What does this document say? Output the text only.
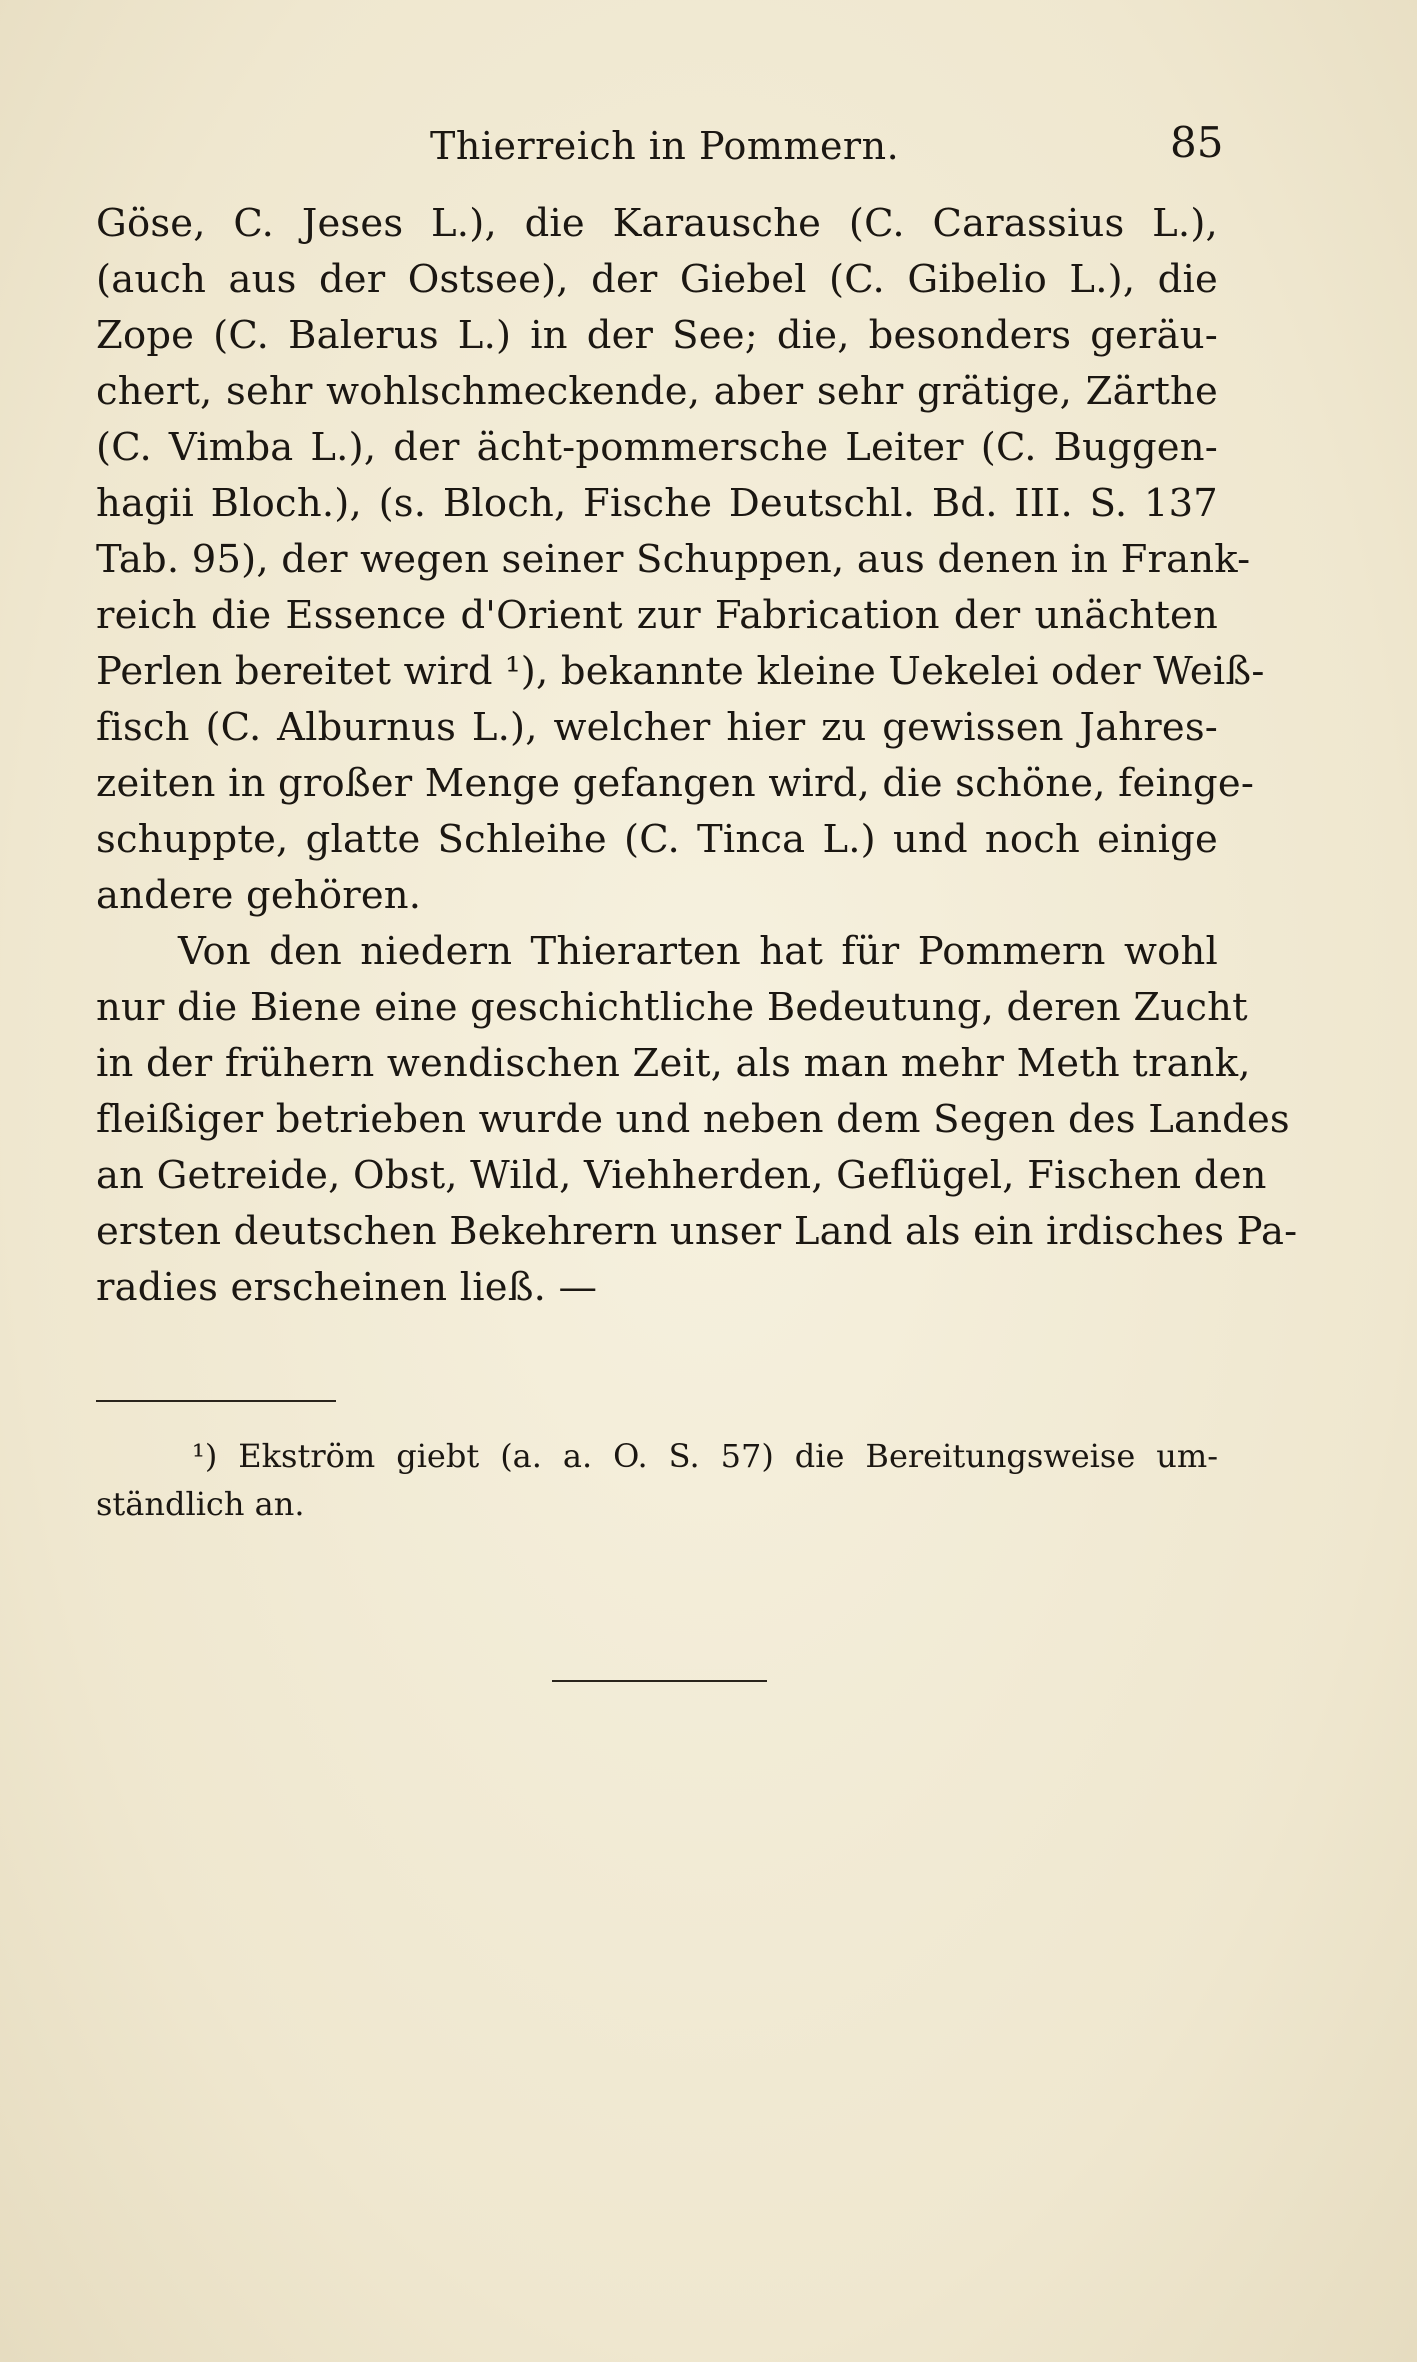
Thierreich in Pommern.	85
Göse, C. Jeses L.), die Karausche (C. Carassius L.),
(auch aus der Ostsee), der Giebel (C. Gibelio L.), die
Zope (C. Balerus L.) in der See; die, besonders geräu-
chert, sehr wohlschmeckende, aber sehr grätige, Zärthe
(C. Vimba L.), der ächt-pommersche Leiter (C. Buggen-
hagii Bloch.), (s. Bloch, Fische Deutschl. Bd. III. S. 137
Tab. 95), der wegen seiner Schuppen, aus denen in Frank-
reich die Essence d'Orient zur Fabrication der unächten
Perlen bereitet wird ¹), bekannte kleine Uekelei oder Weiß-
fisch (C. Alburnus L.), welcher hier zu gewissen Jahres-
zeiten in großer Menge gefangen wird, die schöne, feinge-
schuppte, glatte Schleihe (C. Tinca L.) und noch einige
andere gehören.
Von den niedern Thierarten hat für Pommern wohl
nur die Biene eine geschichtliche Bedeutung, deren Zucht
in der frühern wendischen Zeit, als man mehr Meth trank,
fleißiger betrieben wurde und neben dem Segen des Landes
an Getreide, Obst, Wild, Viehherden, Geflügel, Fischen den
ersten deutschen Bekehrern unser Land als ein irdisches Pa-
radies erscheinen ließ. —
¹) Ekström giebt (a. a. O. S. 57) die Bereitungsweise um-
ständlich an.
